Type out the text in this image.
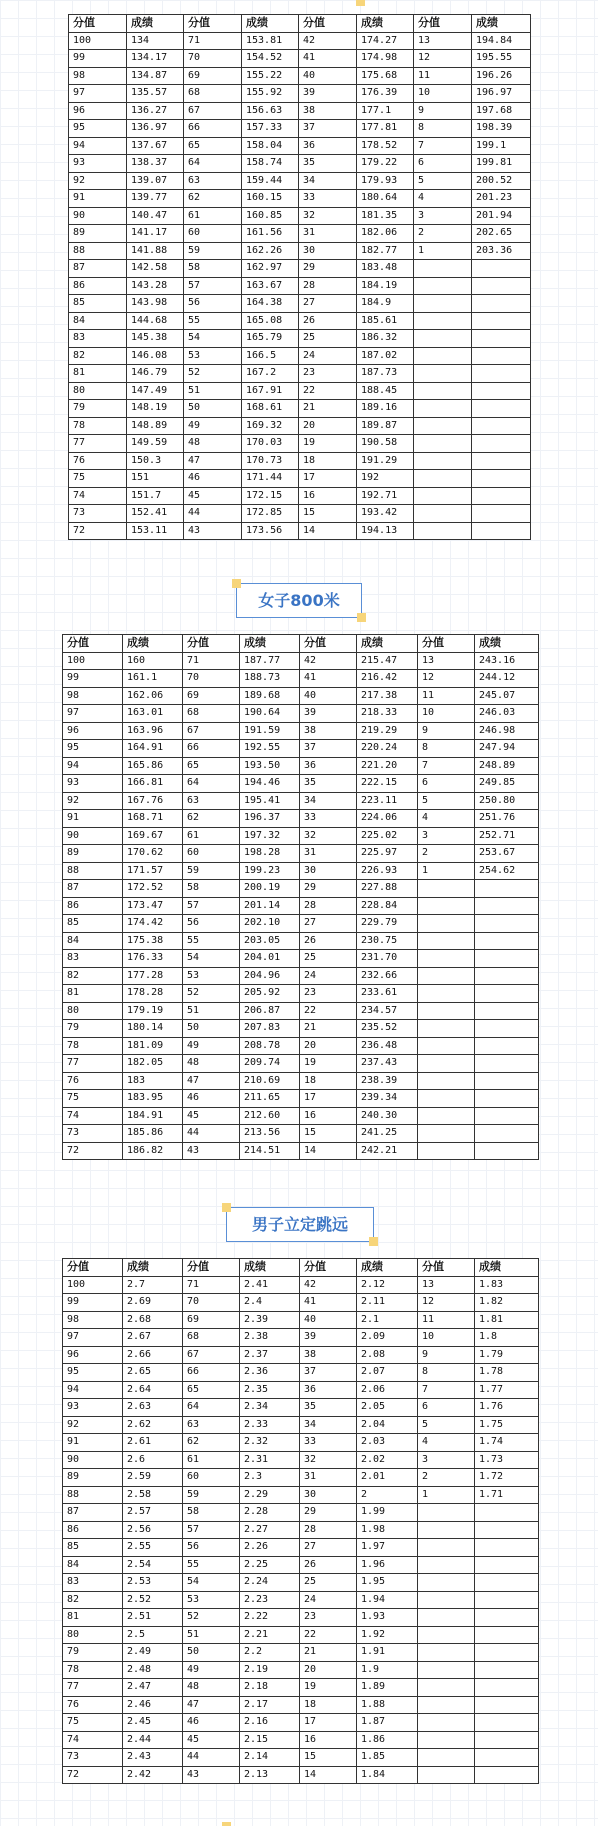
分值	成绩	分值	成绩	分值	成绩	分值	成绩
100	134	71	153.81	42	174.27	13	194.84
99	134.17	70	154.52	41	174.98	12	195.55
98	134.87	69	155.22	40	175.68	11	196.26
97	135.57	68	155.92	39	176.39	10	196.97
96	136.27	67	156.63	38	177.1	9	197.68
95	136.97	66	157.33	37	177.81	8	198.39
94	137.67	65	158.04	36	178.52	7	199.1
93	138.37	64	158.74	35	179.22	6	199.81
92	139.07	63	159.44	34	179.93	5	200.52
91	139.77	62	160.15	33	180.64	4	201.23
90	140.47	61	160.85	32	181.35	3	201.94
89	141.17	60	161.56	31	182.06	2	202.65
88	141.88	59	162.26	30	182.77	1	203.36
87	142.58	58	162.97	29	183.48		
86	143.28	57	163.67	28	184.19		
85	143.98	56	164.38	27	184.9		
84	144.68	55	165.08	26	185.61		
83	145.38	54	165.79	25	186.32		
82	146.08	53	166.5	24	187.02		
81	146.79	52	167.2	23	187.73		
80	147.49	51	167.91	22	188.45		
79	148.19	50	168.61	21	189.16		
78	148.89	49	169.32	20	189.87		
77	149.59	48	170.03	19	190.58		
76	150.3	47	170.73	18	191.29		
75	151	46	171.44	17	192		
74	151.7	45	172.15	16	192.71		
73	152.41	44	172.85	15	193.42		
72	153.11	43	173.56	14	194.13		
女子800米
分值	成绩	分值	成绩	分值	成绩	分值	成绩
100	160	71	187.77	42	215.47	13	243.16
99	161.1	70	188.73	41	216.42	12	244.12
98	162.06	69	189.68	40	217.38	11	245.07
97	163.01	68	190.64	39	218.33	10	246.03
96	163.96	67	191.59	38	219.29	9	246.98
95	164.91	66	192.55	37	220.24	8	247.94
94	165.86	65	193.50	36	221.20	7	248.89
93	166.81	64	194.46	35	222.15	6	249.85
92	167.76	63	195.41	34	223.11	5	250.80
91	168.71	62	196.37	33	224.06	4	251.76
90	169.67	61	197.32	32	225.02	3	252.71
89	170.62	60	198.28	31	225.97	2	253.67
88	171.57	59	199.23	30	226.93	1	254.62
87	172.52	58	200.19	29	227.88		
86	173.47	57	201.14	28	228.84		
85	174.42	56	202.10	27	229.79		
84	175.38	55	203.05	26	230.75		
83	176.33	54	204.01	25	231.70		
82	177.28	53	204.96	24	232.66		
81	178.28	52	205.92	23	233.61		
80	179.19	51	206.87	22	234.57		
79	180.14	50	207.83	21	235.52		
78	181.09	49	208.78	20	236.48		
77	182.05	48	209.74	19	237.43		
76	183	47	210.69	18	238.39		
75	183.95	46	211.65	17	239.34		
74	184.91	45	212.60	16	240.30		
73	185.86	44	213.56	15	241.25		
72	186.82	43	214.51	14	242.21		
男子立定跳远
分值	成绩	分值	成绩	分值	成绩	分值	成绩
100	2.7	71	2.41	42	2.12	13	1.83
99	2.69	70	2.4	41	2.11	12	1.82
98	2.68	69	2.39	40	2.1	11	1.81
97	2.67	68	2.38	39	2.09	10	1.8
96	2.66	67	2.37	38	2.08	9	1.79
95	2.65	66	2.36	37	2.07	8	1.78
94	2.64	65	2.35	36	2.06	7	1.77
93	2.63	64	2.34	35	2.05	6	1.76
92	2.62	63	2.33	34	2.04	5	1.75
91	2.61	62	2.32	33	2.03	4	1.74
90	2.6	61	2.31	32	2.02	3	1.73
89	2.59	60	2.3	31	2.01	2	1.72
88	2.58	59	2.29	30	2	1	1.71
87	2.57	58	2.28	29	1.99		
86	2.56	57	2.27	28	1.98		
85	2.55	56	2.26	27	1.97		
84	2.54	55	2.25	26	1.96		
83	2.53	54	2.24	25	1.95		
82	2.52	53	2.23	24	1.94		
81	2.51	52	2.22	23	1.93		
80	2.5	51	2.21	22	1.92		
79	2.49	50	2.2	21	1.91		
78	2.48	49	2.19	20	1.9		
77	2.47	48	2.18	19	1.89		
76	2.46	47	2.17	18	1.88		
75	2.45	46	2.16	17	1.87		
74	2.44	45	2.15	16	1.86		
73	2.43	44	2.14	15	1.85		
72	2.42	43	2.13	14	1.84		
